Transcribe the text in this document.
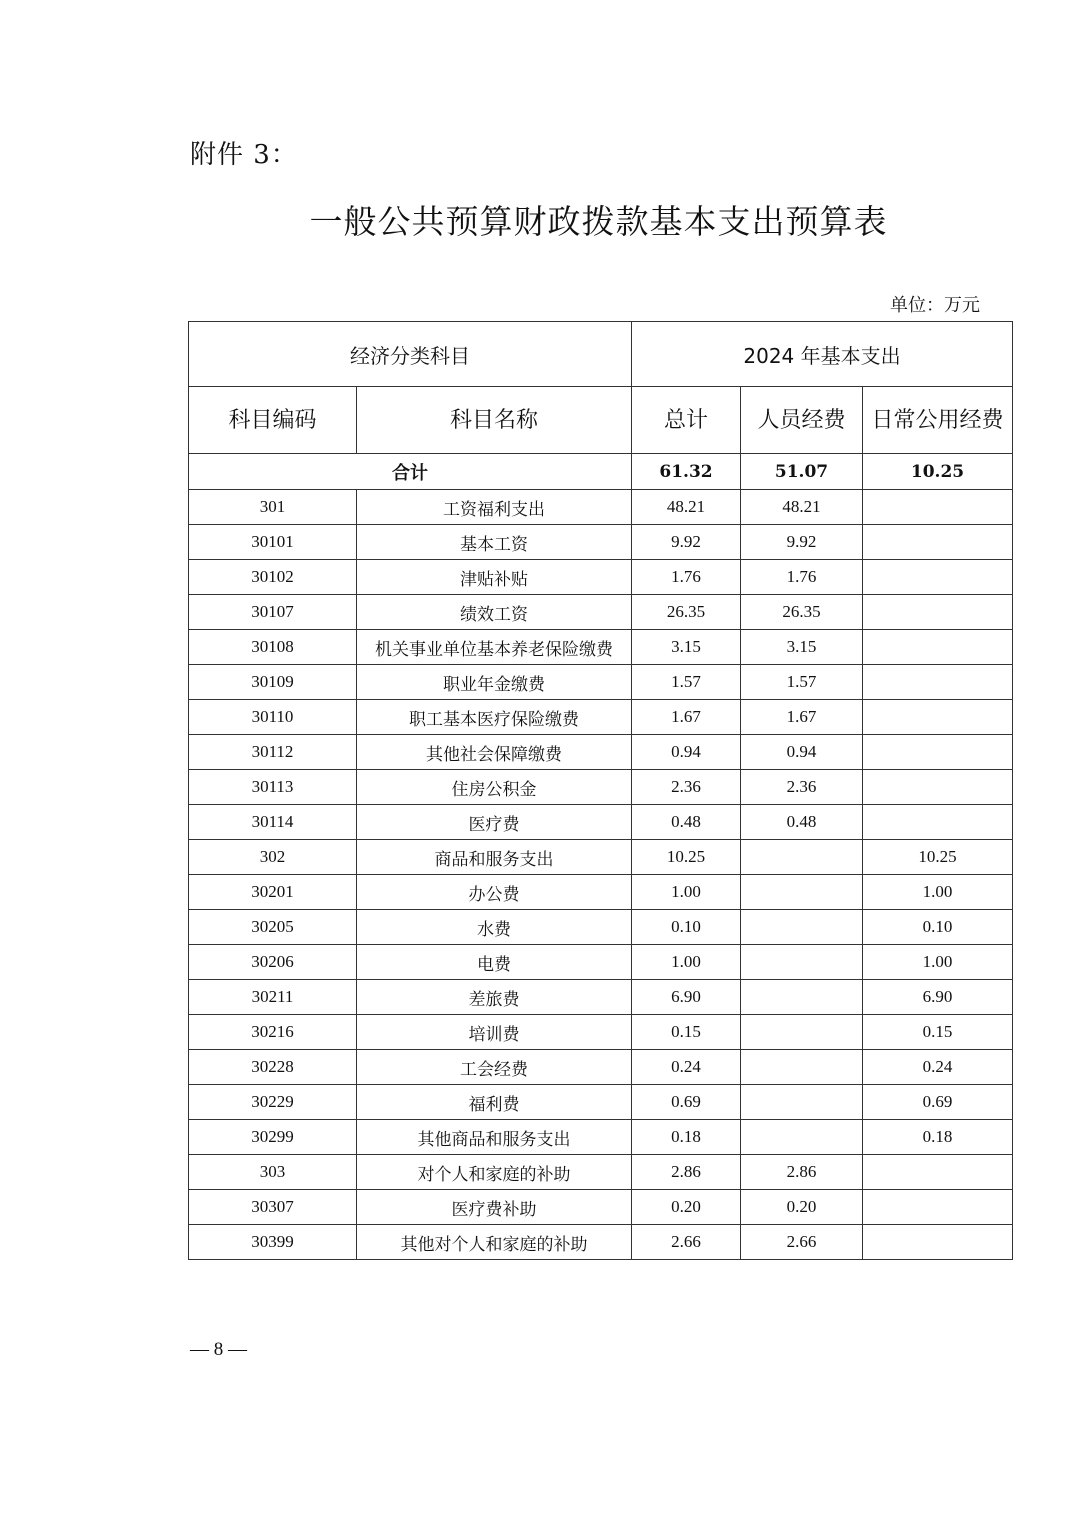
附件 3：
一般公共预算财政拨款基本支出预算表
单位：万元
经济分类科目		2024 年基本支出		
科目编码	科目名称	总计	人员经费	日常公用经费
合计		61.32	51.07	10.25
301	工资福利支出	48.21	48.21	
30101	基本工资	9.92	9.92	
30102	津贴补贴	1.76	1.76	
30107	绩效工资	26.35	26.35	
30108	机关事业单位基本养老保险缴费	3.15	3.15	
30109	职业年金缴费	1.57	1.57	
30110	职工基本医疗保险缴费	1.67	1.67	
30112	其他社会保障缴费	0.94	0.94	
30113	住房公积金	2.36	2.36	
30114	医疗费	0.48	0.48	
302	商品和服务支出	10.25		10.25
30201	办公费	1.00		1.00
30205	水费	0.10		0.10
30206	电费	1.00		1.00
30211	差旅费	6.90		6.90
30216	培训费	0.15		0.15
30228	工会经费	0.24		0.24
30229	福利费	0.69		0.69
30299	其他商品和服务支出	0.18		0.18
303	对个人和家庭的补助	2.86	2.86	
30307	医疗费补助	0.20	0.20	
30399	其他对个人和家庭的补助	2.66	2.66	
— 8 —
